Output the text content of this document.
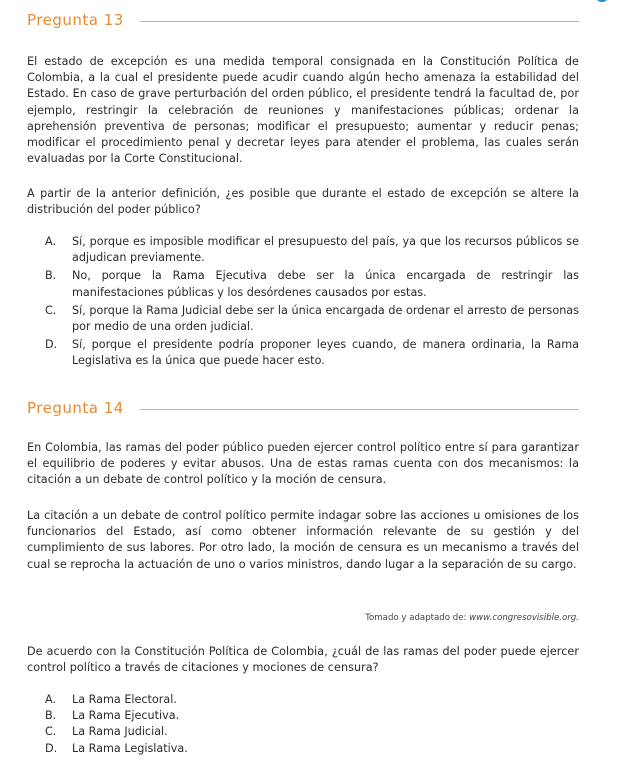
Pregunta 13

El estado de excepción es una medida temporal consignada en la Constitución Política de Colombia, a la cual el presidente puede acudir cuando algún hecho amenaza la estabilidad del Estado. En caso de grave perturbación del orden público, el presidente tendrá la facultad de, por ejemplo, restringir la celebración de reuniones y manifestaciones públicas; ordenar la aprehensión preventiva de personas; modificar el presupuesto; aumentar y reducir penas; modificar el procedimiento penal y decretar leyes para atender el problema, las cuales serán evaluadas por la Corte Constitucional.

A partir de la anterior definición, ¿es posible que durante el estado de excepción se altere la distribución del poder público?

A.	Sí, porque es imposible modificar el presupuesto del país, ya que los recursos públicos se adjudican previamente.
B.	No, porque la Rama Ejecutiva debe ser la única encargada de restringir las manifestaciones públicas y los desórdenes causados por estas.
C.	Sí, porque la Rama Judicial debe ser la única encargada de ordenar el arresto de personas por medio de una orden judicial.
D.	Sí, porque el presidente podría proponer leyes cuando, de manera ordinaria, la Rama Legislativa es la única que puede hacer esto.
Pregunta 14

En Colombia, las ramas del poder público pueden ejercer control político entre sí para garantizar el equilibrio de poderes y evitar abusos. Una de estas ramas cuenta con dos mecanismos: la citación a un debate de control político y la moción de censura.

La citación a un debate de control político permite indagar sobre las acciones u omisiones de los funcionarios del Estado, así como obtener información relevante de su gestión y del cumplimiento de sus labores. Por otro lado, la moción de censura es un mecanismo a través del cual se reprocha la actuación de uno o varios ministros, dando lugar a la separación de su cargo.

Tomado y adaptado de: www.congresovisible.org.

De acuerdo con la Constitución Política de Colombia, ¿cuál de las ramas del poder puede ejercer control político a través de citaciones y mociones de censura?

A.	La Rama Electoral.
B.	La Rama Ejecutiva.
C.	La Rama Judicial.
D.	La Rama Legislativa.
